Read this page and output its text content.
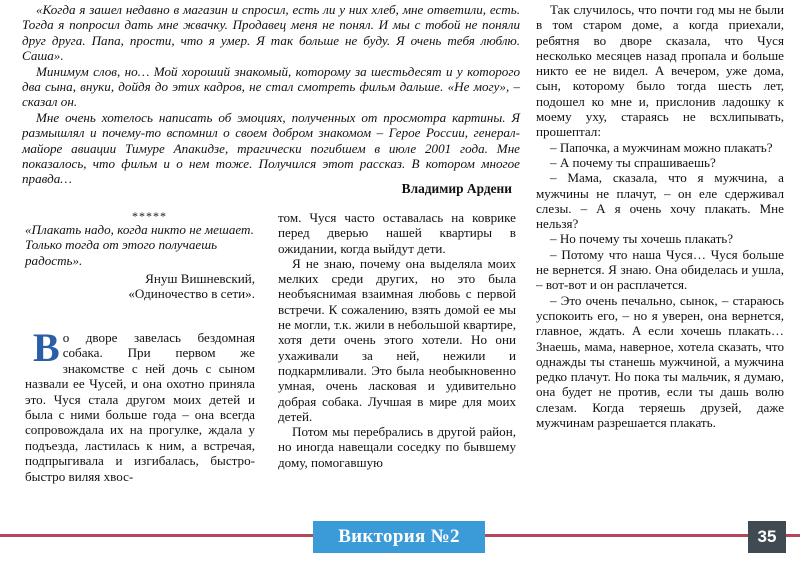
«Когда я зашел недавно в магазин и спросил, есть ли у них хлеб, мне ответили, есть. Тогда я попросил дать мне жвачку. Продавец меня не понял. И мы с тобой не поняли друг друга. Папа, прости, что я умер. Я так больше не буду. Я очень тебя люблю. Саша».

Минимум слов, но… Мой хороший знакомый, которому за шестьдесят и у которого два сына, внуки, дойдя до этих кадров, не стал смотреть фильм дальше. «Не могу», – сказал он.

Мне очень хотелось написать об эмоциях, полученных от просмотра картины. Я размышлял и почему-то вспомнил о своем добром знакомом – Герое России, генерал-майоре авиации Тимуре Апакидзе, трагически погибшем в июле 2001 года. Мне показалось, что фильм и о нем тоже. Получился этот рассказ. В котором многое правда…

Владимир Ардени
*****
«Плакать надо, когда никто не мешает.
Только тогда от этого получаешь радость».
Януш Вишневский,
«Одиночество в сети».
В о дворе завелась бездомная собака. При первом же знакомстве с ней дочь с сыном назвали ее Чусей, и она охотно приняла это. Чуся стала другом моих детей и была с ними больше года – она всегда сопровождала их на прогулке, ждала у подъезда, ластилась к ним, а встречая, подпрыгивала и изгибалась, быстро-быстро виляя хвос-

том. Чуся часто оставалась на коврике перед дверью нашей квартиры в ожидании, когда выйдут дети.

Я не знаю, почему она выделяла моих мелких среди других, но это была необъяснимая взаимная любовь с первой встречи. К сожалению, взять домой ее мы не могли, т.к. жили в небольшой квартире, хотя дети очень этого хотели. Но они ухаживали за ней, нежили и подкармливали. Это была необыкновенно умная, очень ласковая и удивительно добрая собака. Лучшая в мире для моих детей.

Потом мы перебрались в другой район, но иногда навещали соседку по бывшему дому, помогавшую

Так случилось, что почти год мы не были в том старом доме, а когда приехали, ребятня во дворе сказала, что Чуся несколько месяцев назад пропала и больше никто ее не видел. А вечером, уже дома, сын, которому было тогда шесть лет, подошел ко мне и, прислонив ладошку к моему уху, стараясь не всхлипывать, прошептал:

– Папочка, а мужчинам можно плакать?

– А почему ты спрашиваешь?

– Мама, сказала, что я мужчина, а мужчины не плачут, – он еле сдерживал слезы. – А я очень хочу плакать. Мне нельзя?

– Но почему ты хочешь плакать?

– Потому что наша Чуся… Чуся больше не вернется. Я знаю. Она обиделась и ушла, – вот-вот и он расплачется.

– Это очень печально, сынок, – стараюсь успокоить его, – но я уверен, она вернется, главное, ждать. А если хочешь плакать… Знаешь, мама, наверное, хотела сказать, что однажды ты станешь мужчиной, а мужчина редко плачут. Но пока ты мальчик, я думаю, она будет не против, если ты дашь волю слезам. Когда теряешь друзей, даже мужчинам разрешается плакать.

Виктория №2	35
